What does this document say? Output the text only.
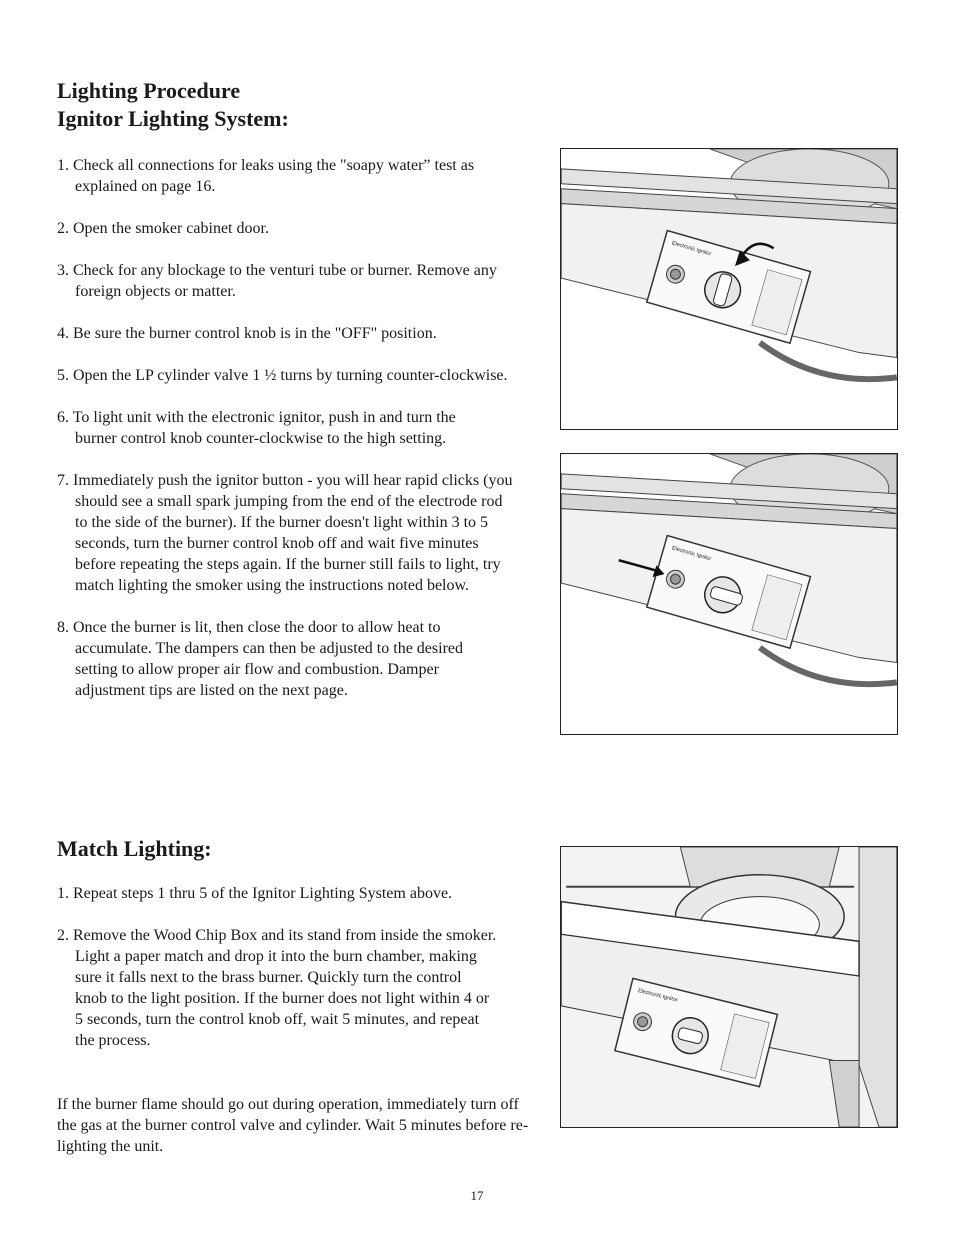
Lighting Procedure
Ignitor Lighting System:
1. Check all connections for leaks using the "soapy water” test as explained on page 16.
2. Open the smoker cabinet door.
3. Check for any blockage to the venturi tube or burner. Remove any foreign objects or matter.
4. Be sure the burner control knob is in the "OFF" position.
5. Open the LP cylinder valve 1 ½ turns by turning counter-clockwise.
6. To light unit with the electronic ignitor, push in and turn the burner control knob counter-clockwise to the high setting.
7. Immediately push the ignitor button - you will hear rapid clicks (you should see a small spark jumping from the end of the electrode rod to the side of the burner). If the burner doesn't light within 3 to 5 seconds, turn the burner control knob off and wait five minutes before repeating the steps again. If the burner still fails to light, try match lighting the smoker using the instructions noted below.
8. Once the burner is lit, then close the door to allow heat to accumulate. The dampers can then be adjusted to the desired setting to allow proper air flow and combustion. Damper adjustment tips are listed on the next page.
Match Lighting:
1. Repeat steps 1 thru 5 of the Ignitor Lighting System above.
2. Remove the Wood Chip Box and its stand from inside the smoker. Light a paper match and drop it into the burn chamber, making sure it falls next to the brass burner. Quickly turn the control knob to the light position. If the burner does not light within 4 or 5 seconds, turn the control knob off, wait 5 minutes, and repeat the process.

If the burner flame should go out during operation, immediately turn off the gas at the burner control valve and cylinder. Wait 5 minutes before re-lighting the unit.

Electronic Ignitor
Electronic Ignitor
Electronic Ignitor
17
